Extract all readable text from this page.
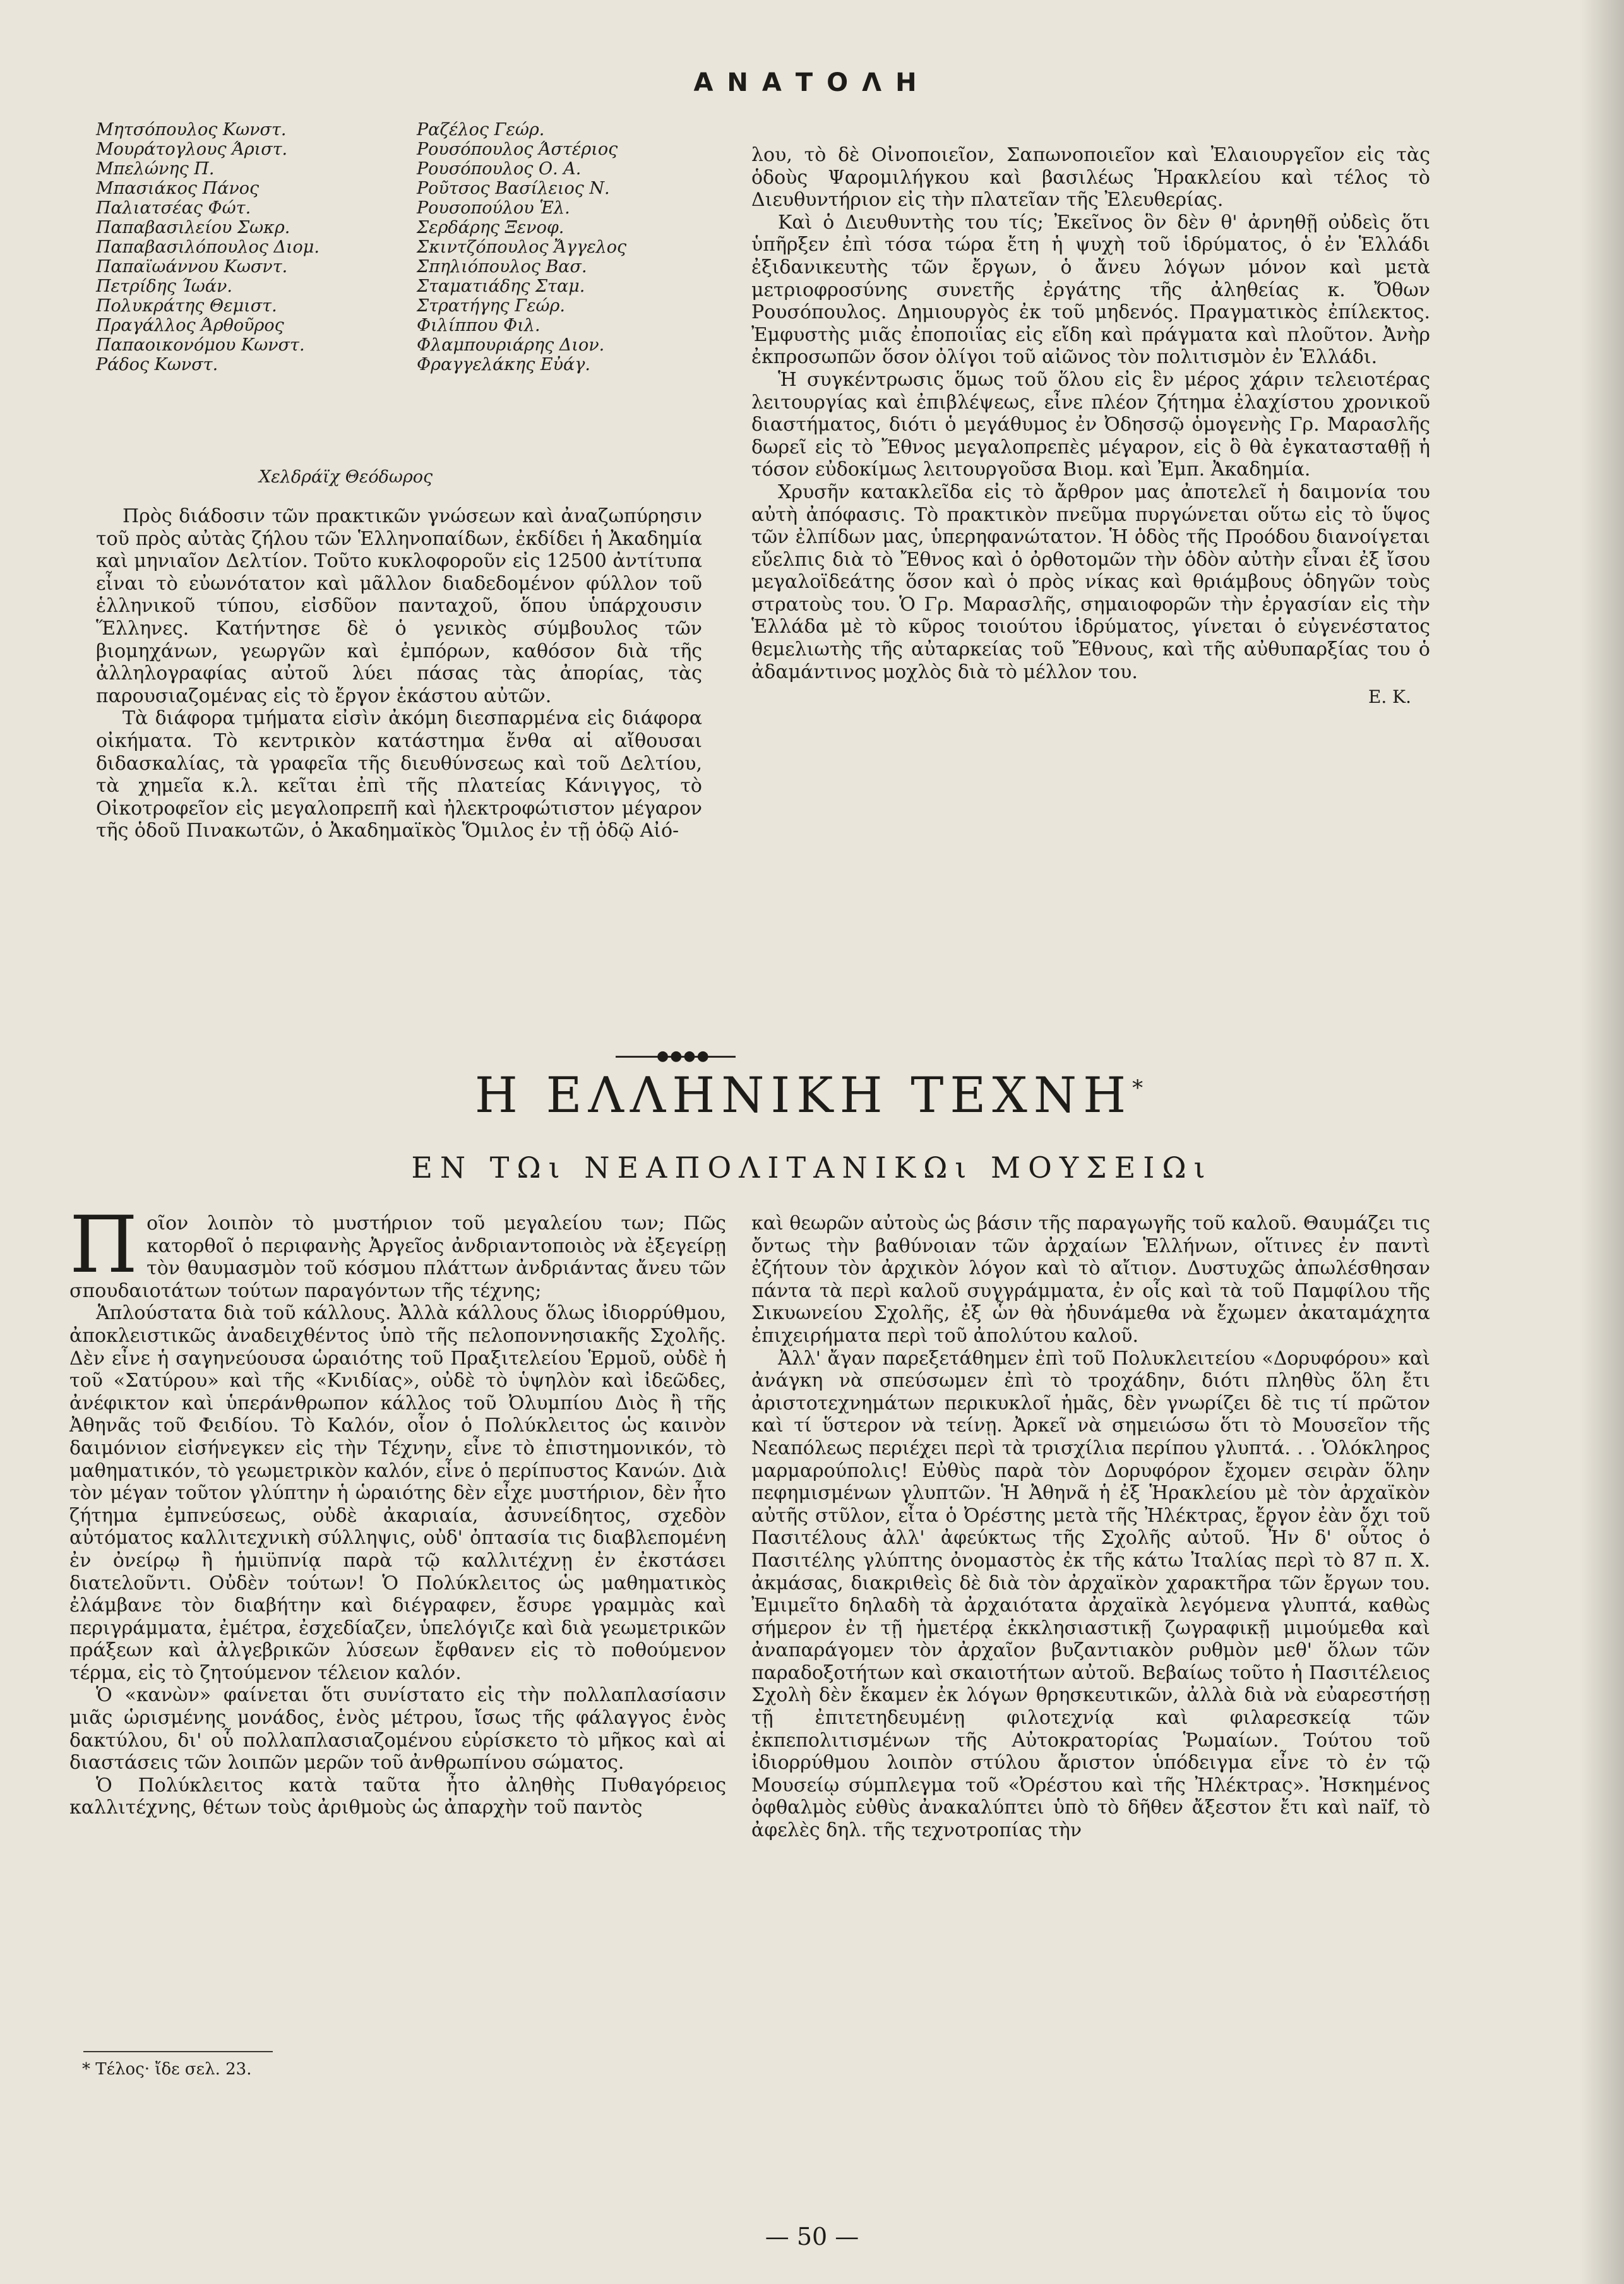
ΑΝΑΤΟΛΗ
Μητσόπουλος Κωνστ.
Μουράτογλους Άριστ.
Μπελώνης Π.
Μπασιάκος Πάνος
Παλιατσέας Φώτ.
Παπαβασιλείου Σωκρ.
Παπαβασιλόπουλος Διομ.
Παπαϊωάννου Κωσντ.
Πετρίδης Ίωάν.
Πολυκράτης Θεμιστ.
Πραγάλλος Άρθοῦρος
Παπαοικονόμου Κωνστ.
Ράδος Κωνστ.
Ραζέλος Γεώρ.
Ρουσόπουλος Άστέριος
Ρουσόπουλος Ο. Α.
Ροῦτσος Βασίλειος Ν.
Ρουσοπούλου Ἑλ.
Σερδάρης Ξενοφ.
Σκιντζόπουλος Ἄγγελος
Σπηλιόπουλος Βασ.
Σταματιάδης Σταμ.
Στρατήγης Γεώρ.
Φιλίππου Φιλ.
Φλαμπουριάρης Διον.
Φραγγελάκης Εὐάγ.
Χελδράϊχ Θεόδωρος

Πρὸς διάδοσιν τῶν πρακτικῶν γνώσεων καὶ ἀναζωπύρησιν τοῦ πρὸς αὐτὰς ζήλου τῶν Ἑλληνοπαίδων, ἐκδίδει ἡ Ἀκαδημία καὶ μηνιαῖον Δελτίον. Τοῦτο κυκλοφοροῦν εἰς 12500 ἀντίτυπα εἶναι τὸ εὐωνότατον καὶ μᾶλλον διαδεδομένον φύλλον τοῦ ἑλληνικοῦ τύπου, εἰσδῦον πανταχοῦ, ὅπου ὑπάρχουσιν Ἕλληνες. Κατήντησε δὲ ὁ γενικὸς σύμβουλος τῶν βιομηχάνων, γεωργῶν καὶ ἐμπόρων, καθόσον διὰ τῆς ἀλληλογραφίας αὐτοῦ λύει πάσας τὰς ἀπορίας, τὰς παρουσιαζομένας εἰς τὸ ἔργον ἑκάστου αὐτῶν.

Τὰ διάφορα τμήματα εἰσὶν ἀκόμη διεσπαρμένα εἰς διάφορα οἰκήματα. Τὸ κεντρικὸν κατάστημα ἔνθα αἱ αἴθουσαι διδασκαλίας, τὰ γραφεῖα τῆς διευθύνσεως καὶ τοῦ Δελτίου, τὰ χημεῖα κ.λ. κεῖται ἐπὶ τῆς πλατείας Κάνιγγος, τὸ Οἰκοτροφεῖον εἰς μεγαλοπρεπῆ καὶ ἠλεκτροφώτιστον μέγαρον τῆς ὁδοῦ Πινακωτῶν, ὁ Ἀκαδημαϊκὸς Ὅμιλος ἐν τῇ ὁδῷ Αἰό-

λου, τὸ δὲ Οἰνοποιεῖον, Σαπωνοποιεῖον καὶ Ἐλαιουργεῖον εἰς τὰς ὁδοὺς Ψαρομιλήγκου καὶ βασιλέως Ἡρακλείου καὶ τέλος τὸ Διευθυντήριον εἰς τὴν πλατεῖαν τῆς Ἐλευθερίας.

Καὶ ὁ Διευθυντὴς του τίς; Ἐκεῖνος ὃν δὲν θ' ἀρνηθῇ οὐδεὶς ὅτι ὑπῆρξεν ἐπὶ τόσα τώρα ἔτη ἡ ψυχὴ τοῦ ἱδρύματος, ὁ ἐν Ἑλλάδι ἐξιδανικευτὴς τῶν ἔργων, ὁ ἄνευ λόγων μόνον καὶ μετὰ μετριοφροσύνης συνετῆς ἐργάτης τῆς ἀληθείας κ. Ὄθων Ρουσόπουλος. Δημιουργὸς ἐκ τοῦ μηδενός. Πραγματικὸς ἐπίλεκτος. Ἐμφυστὴς μιᾶς ἐποποιΐας εἰς εἴδη καὶ πράγματα καὶ πλοῦτον. Ἀνὴρ ἐκπροσωπῶν ὅσον ὀλίγοι τοῦ αἰῶνος τὸν πολιτισμὸν ἐν Ἑλλάδι.

Ἡ συγκέντρωσις ὅμως τοῦ ὅλου εἰς ἓν μέρος χάριν τελειοτέρας λειτουργίας καὶ ἐπιβλέψεως, εἶνε πλέον ζήτημα ἐλαχίστου χρονικοῦ διαστήματος, διότι ὁ μεγάθυμος ἐν Ὀδησσῷ ὁμογενὴς Γρ. Μαρασλῆς δωρεῖ εἰς τὸ Ἔθνος μεγαλοπρεπὲς μέγαρον, εἰς ὃ θὰ ἐγκατασταθῇ ἡ τόσον εὐδοκίμως λειτουργοῦσα Βιομ. καὶ Ἐμπ. Ἀκαδημία.

Χρυσῆν κατακλεῖδα εἰς τὸ ἄρθρον μας ἀποτελεῖ ἡ δαιμονία του αὐτὴ ἀπόφασις. Τὸ πρακτικὸν πνεῦμα πυργώνεται οὕτω εἰς τὸ ὕψος τῶν ἐλπίδων μας, ὑπερηφανώτατον. Ἡ ὁδὸς τῆς Προόδου διανοίγεται εὔελπις διὰ τὸ Ἔθνος καὶ ὁ ὀρθοτομῶν τὴν ὁδὸν αὐτὴν εἶναι ἐξ ἴσου μεγαλοϊδεάτης ὅσον καὶ ὁ πρὸς νίκας καὶ θριάμβους ὁδηγῶν τοὺς στρατοὺς του. Ὁ Γρ. Μαρασλῆς, σημαιοφορῶν τὴν ἐργασίαν εἰς τὴν Ἑλλάδα μὲ τὸ κῦρος τοιούτου ἱδρύματος, γίνεται ὁ εὐγενέστατος θεμελιωτὴς τῆς αὐταρκείας τοῦ Ἔθνους, καὶ τῆς αὐθυπαρξίας του ὁ ἀδαμάντινος μοχλὸς διὰ τὸ μέλλον του.

Ε. Κ.
●●●●
Η ΕΛΛΗΝΙΚΗ ΤΕΧΝΗ*
ΕΝ ΤΩι ΝΕΑΠΟΛΙΤΑΝΙΚΩι ΜΟΥΣΕΙΩι

Ποῖον λοιπὸν τὸ μυστήριον τοῦ μεγαλείου των; Πῶς κατορθοῖ ὁ περιφανὴς Ἀργεῖος ἀνδριαντοποιὸς νὰ ἐξεγείρῃ τὸν θαυμασμὸν τοῦ κόσμου πλάττων ἀνδριάντας ἄνευ τῶν σπουδαιοτάτων τούτων παραγόντων τῆς τέχνης;

Ἁπλούστατα διὰ τοῦ κάλλους. Ἀλλὰ κάλλους ὅλως ἰδιορρύθμου, ἀποκλειστικῶς ἀναδειχθέντος ὑπὸ τῆς πελοποννησιακῆς Σχολῆς. Δὲν εἶνε ἡ σαγηνεύουσα ὡραιότης τοῦ Πραξιτελείου Ἑρμοῦ, οὐδὲ ἡ τοῦ «Σατύρου» καὶ τῆς «Κνιδίας», οὐδὲ τὸ ὑψηλὸν καὶ ἰδεῶδες, ἀνέφικτον καὶ ὑπεράνθρωπον κάλλος τοῦ Ὀλυμπίου Διὸς ἢ τῆς Ἀθηνᾶς τοῦ Φειδίου. Τὸ Καλόν, οἷον ὁ Πολύκλειτος ὡς καινὸν δαιμόνιον εἰσήνεγκεν εἰς τὴν Τέχνην, εἶνε τὸ ἐπιστημονικόν, τὸ μαθηματικόν, τὸ γεωμετρικὸν καλόν, εἶνε ὁ περίπυστος Κανών. Διὰ τὸν μέγαν τοῦτον γλύπτην ἡ ὡραιότης δὲν εἶχε μυστήριον, δὲν ἦτο ζήτημα ἐμπνεύσεως, οὐδὲ ἀκαριαία, ἀσυνείδητος, σχεδὸν αὐτόματος καλλιτεχνικὴ σύλληψις, οὐδ' ὀπτασία τις διαβλεπομένη ἐν ὀνείρῳ ἢ ἡμιϋπνίᾳ παρὰ τῷ καλλιτέχνῃ ἐν ἐκστάσει διατελοῦντι. Οὐδὲν τούτων! Ὁ Πολύκλειτος ὡς μαθηματικὸς ἐλάμβανε τὸν διαβήτην καὶ διέγραφεν, ἔσυρε γραμμὰς καὶ περιγράμματα, ἐμέτρα, ἐσχεδίαζεν, ὑπελόγιζε καὶ διὰ γεωμετρικῶν πράξεων καὶ ἀλγεβρικῶν λύσεων ἔφθανεν εἰς τὸ ποθούμενον τέρμα, εἰς τὸ ζητούμενον τέλειον καλόν.

Ὁ «κανὼν» φαίνεται ὅτι συνίστατο εἰς τὴν πολλαπλασίασιν μιᾶς ὡρισμένης μονάδος, ἑνὸς μέτρου, ἴσως τῆς φάλαγγος ἑνὸς δακτύλου, δι' οὗ πολλαπλασιαζομένου εὑρίσκετο τὸ μῆκος καὶ αἱ διαστάσεις τῶν λοιπῶν μερῶν τοῦ ἀνθρωπίνου σώματος.

Ὁ Πολύκλειτος κατὰ ταῦτα ἦτο ἀληθὴς Πυθαγόρειος καλλιτέχνης, θέτων τοὺς ἀριθμοὺς ὡς ἀπαρχὴν τοῦ παντὸς

καὶ θεωρῶν αὐτοὺς ὡς βάσιν τῆς παραγωγῆς τοῦ καλοῦ. Θαυμάζει τις ὄντως τὴν βαθύνοιαν τῶν ἀρχαίων Ἑλλήνων, οἵτινες ἐν παντὶ ἐζήτουν τὸν ἀρχικὸν λόγον καὶ τὸ αἴτιον. Δυστυχῶς ἀπωλέσθησαν πάντα τὰ περὶ καλοῦ συγγράμματα, ἐν οἷς καὶ τὰ τοῦ Παμφίλου τῆς Σικυωνείου Σχολῆς, ἐξ ὧν θὰ ἠδυνάμεθα νὰ ἔχωμεν ἀκαταμάχητα ἐπιχειρήματα περὶ τοῦ ἀπολύτου καλοῦ.

Ἀλλ' ἄγαν παρεξετάθημεν ἐπὶ τοῦ Πολυκλειτείου «Δορυφόρου» καὶ ἀνάγκη νὰ σπεύσωμεν ἐπὶ τὸ τροχάδην, διότι πληθὺς ὅλη ἔτι ἀριστοτεχνημάτων περικυκλοῖ ἡμᾶς, δὲν γνωρίζει δὲ τις τί πρῶτον καὶ τί ὕστερον νὰ τείνῃ. Ἀρκεῖ νὰ σημειώσω ὅτι τὸ Μουσεῖον τῆς Νεαπόλεως περιέχει περὶ τὰ τρισχίλια περίπου γλυπτά. . . Ὁλόκληρος μαρμαρούπολις! Εὐθὺς παρὰ τὸν Δορυφόρον ἔχομεν σειρὰν ὅλην πεφημισμένων γλυπτῶν. Ἡ Ἀθηνᾶ ἡ ἐξ Ἡρακλείου μὲ τὸν ἀρχαϊκὸν αὐτῆς στῦλον, εἶτα ὁ Ὀρέστης μετὰ τῆς Ἠλέκτρας, ἔργον ἐὰν ὄχι τοῦ Πασιτέλους ἀλλ' ἀφεύκτως τῆς Σχολῆς αὐτοῦ. Ἦν δ' οὗτος ὁ Πασιτέλης γλύπτης ὀνομαστὸς ἐκ τῆς κάτω Ἰταλίας περὶ τὸ 87 π. Χ. ἀκμάσας, διακριθεὶς δὲ διὰ τὸν ἀρχαϊκὸν χαρακτῆρα τῶν ἔργων του. Ἐμιμεῖτο δηλαδὴ τὰ ἀρχαιότατα ἀρχαϊκὰ λεγόμενα γλυπτά, καθὼς σήμερον ἐν τῇ ἡμετέρᾳ ἐκκλησιαστικῇ ζωγραφικῇ μιμούμεθα καὶ ἀναπαράγομεν τὸν ἀρχαῖον βυζαντιακὸν ρυθμὸν μεθ' ὅλων τῶν παραδοξοτήτων καὶ σκαιοτήτων αὐτοῦ. Βεβαίως τοῦτο ἡ Πασιτέλειος Σχολὴ δὲν ἔκαμεν ἐκ λόγων θρησκευτικῶν, ἀλλὰ διὰ νὰ εὐαρεστήσῃ τῇ ἐπιτετηδευμένῃ φιλοτεχνίᾳ καὶ φιλαρεσκείᾳ τῶν ἐκπεπολιτισμένων τῆς Αὐτοκρατορίας Ῥωμαίων. Τούτου τοῦ ἰδιορρύθμου λοιπὸν στύλου ἄριστον ὑπόδειγμα εἶνε τὸ ἐν τῷ Μουσείῳ σύμπλεγμα τοῦ «Ὀρέστου καὶ τῆς Ἠλέκτρας». Ἠσκημένος ὀφθαλμὸς εὐθὺς ἀνακαλύπτει ὑπὸ τὸ δῆθεν ἄξεστον ἔτι καὶ naïf, τὸ ἀφελὲς δηλ. τῆς τεχνοτροπίας τὴν

* Τέλος· ἴδε σελ. 23.
— 50 —
